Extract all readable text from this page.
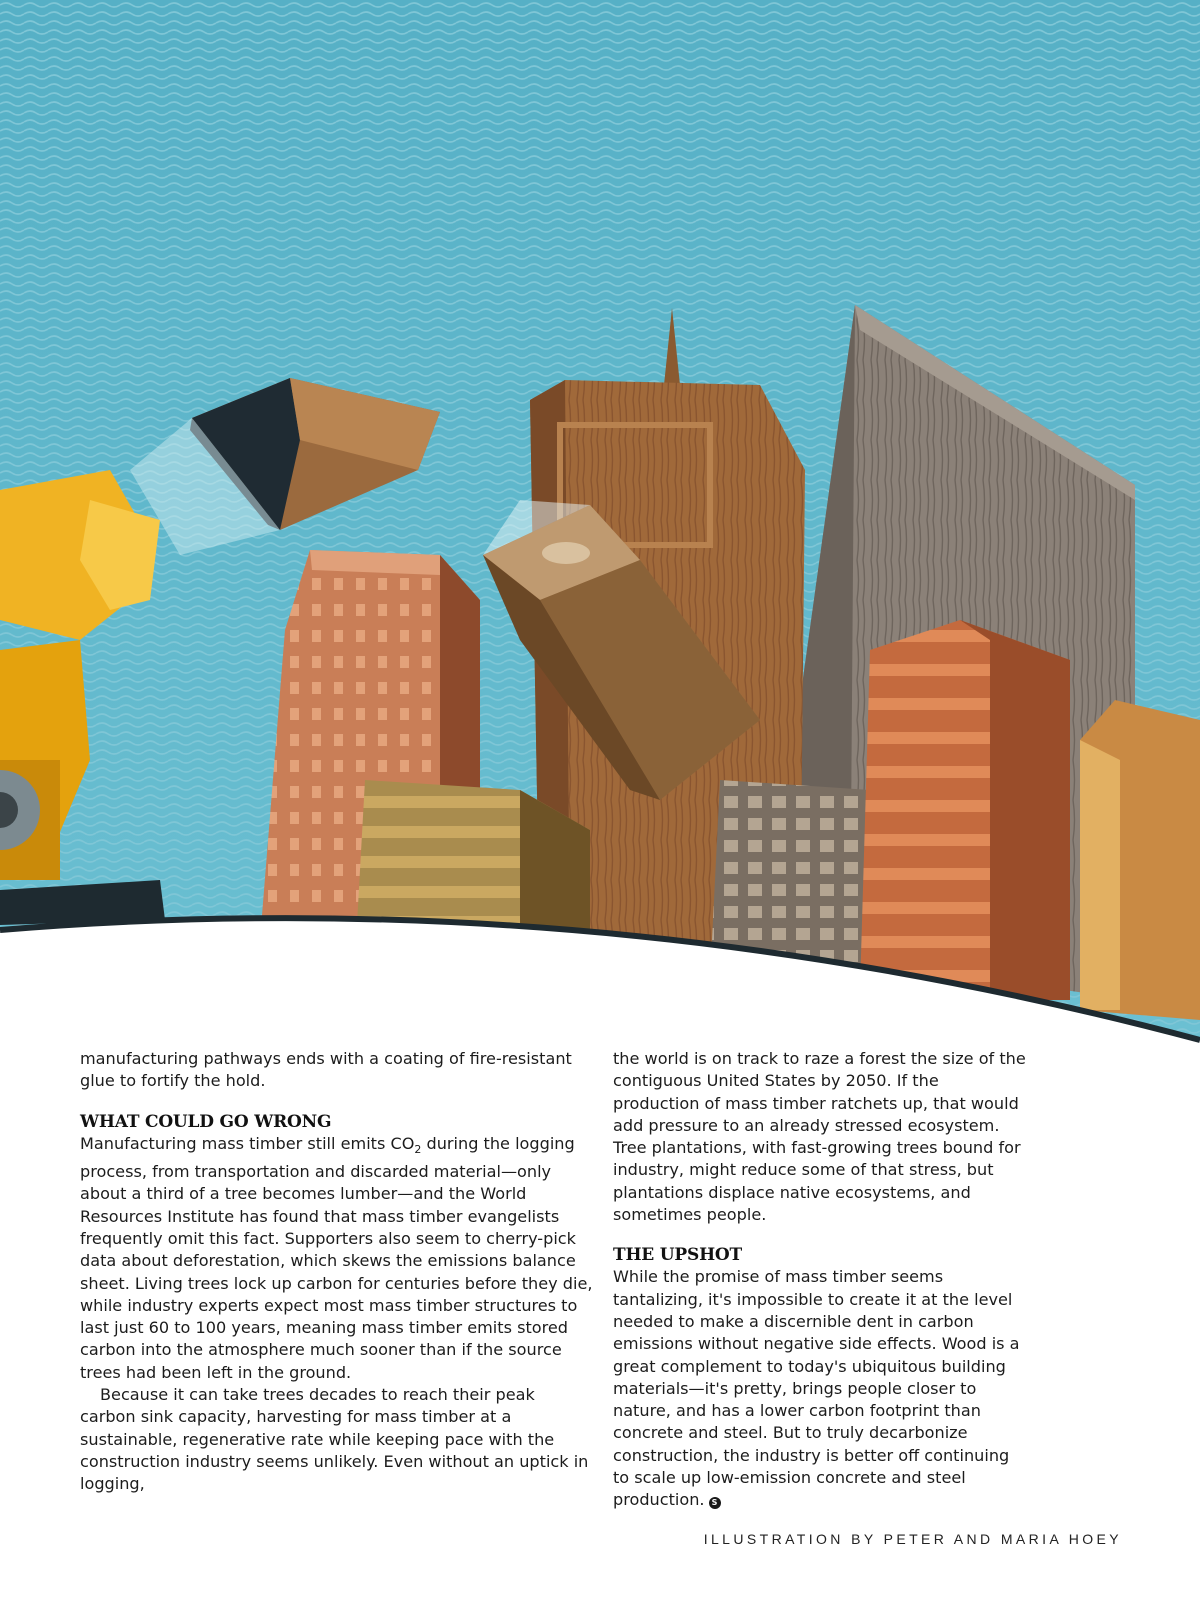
manufacturing pathways ends with a coating of fire-resistant glue to fortify the hold.

WHAT COULD GO WRONG

Manufacturing mass timber still emits $CO_2$ during the logging process, from transportation and discarded material—only about a third of a tree becomes lumber—and the World Resources Institute has found that mass timber evangelists frequently omit this fact. Supporters also seem to cherry-pick data about deforestation, which skews the emissions balance sheet. Living trees lock up carbon for centuries before they die, while industry experts expect most mass timber structures to last just 60 to 100 years, meaning mass timber emits stored carbon into the atmosphere much sooner than if the source trees had been left in the ground.

Because it can take trees decades to reach their peak carbon sink capacity, harvesting for mass timber at a sustainable, regenerative rate while keeping pace with the construction industry seems unlikely. Even without an uptick in logging,

the world is on track to raze a forest the size of the contiguous United States by 2050. If the production of mass timber ratchets up, that would add pressure to an already stressed ecosystem. Tree plantations, with fast-growing trees bound for industry, might reduce some of that stress, but plantations displace native ecosystems, and sometimes people.

THE UPSHOT

While the promise of mass timber seems tantalizing, it's impossible to create it at the level needed to make a discernible dent in carbon emissions without negative side effects. Wood is a great complement to today's ubiquitous building materials—it's pretty, brings people closer to nature, and has a lower carbon footprint than concrete and steel. But to truly decarbonize construction, the industry is better off continuing to scale up low-emission concrete and steel production. S

ILLUSTRATION BY PETER AND MARIA HOEY
